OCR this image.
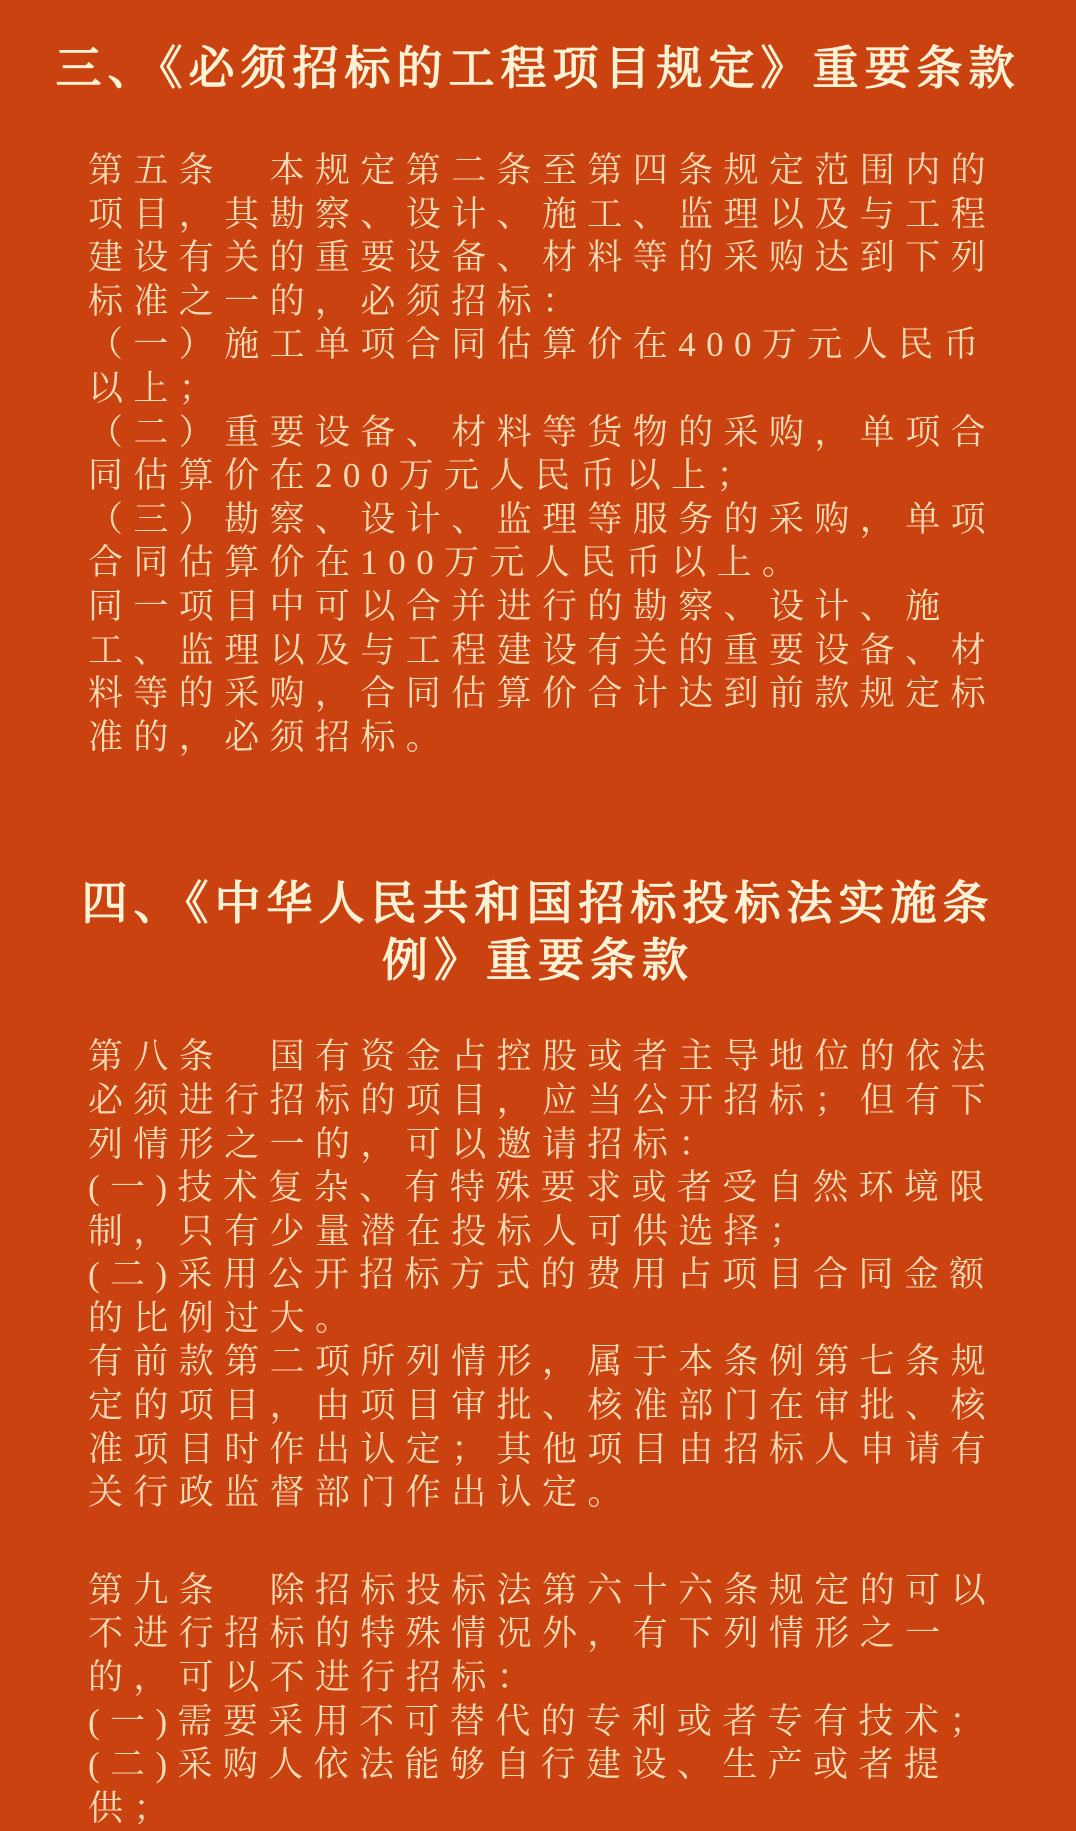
三、《必须招标的工程项目规定》重要条款
第五条　本规定第二条至第四条规定范围内的
项目，其勘察、设计、施工、监理以及与工程
建设有关的重要设备、材料等的采购达到下列
标准之一的，必须招标：
（一）施工单项合同估算价在400万元人民币
以上；
（二）重要设备、材料等货物的采购，单项合
同估算价在200万元人民币以上；
（三）勘察、设计、监理等服务的采购，单项
合同估算价在100万元人民币以上。
同一项目中可以合并进行的勘察、设计、施
工、监理以及与工程建设有关的重要设备、材
料等的采购，合同估算价合计达到前款规定标
准的，必须招标。
四、《中华人民共和国招标投标法实施条
例》重要条款
第八条　国有资金占控股或者主导地位的依法
必须进行招标的项目，应当公开招标；但有下
列情形之一的，可以邀请招标：
(一)技术复杂、有特殊要求或者受自然环境限
制，只有少量潜在投标人可供选择；
(二)采用公开招标方式的费用占项目合同金额
的比例过大。
有前款第二项所列情形，属于本条例第七条规
定的项目，由项目审批、核准部门在审批、核
准项目时作出认定；其他项目由招标人申请有
关行政监督部门作出认定。
第九条　除招标投标法第六十六条规定的可以
不进行招标的特殊情况外，有下列情形之一
的，可以不进行招标：
(一)需要采用不可替代的专利或者专有技术；
(二)采购人依法能够自行建设、生产或者提
供；
